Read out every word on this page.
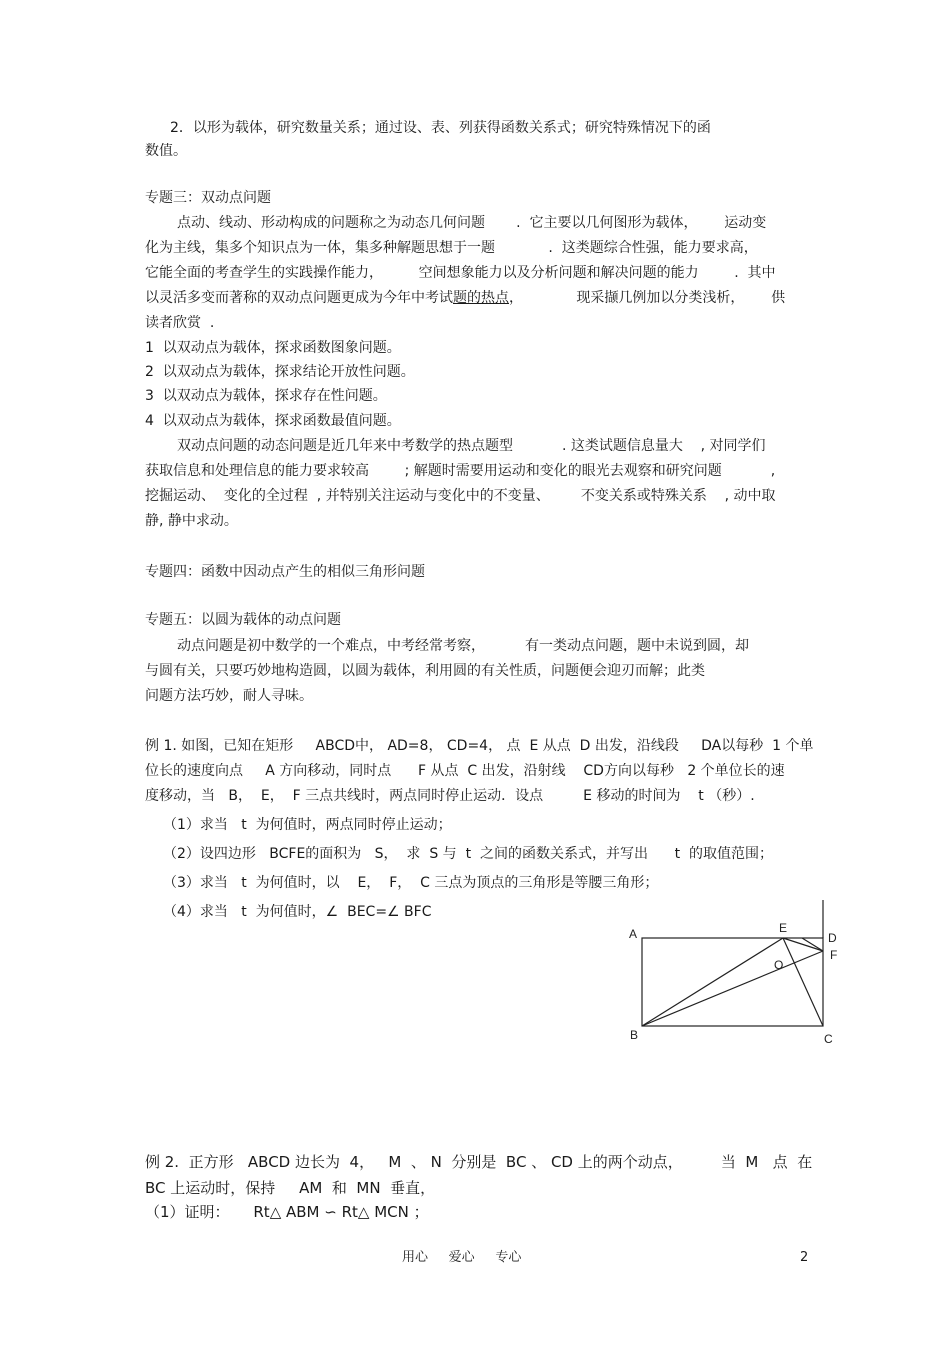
2．以形为载体，研究数量关系；通过设、表、列获得函数关系式；研究特殊情况下的函
数值。
专题三：双动点问题
点动、线动、形动构成的问题称之为动态几何问题       .  它主要以几何图形为载体，      运动变
化为主线，集多个知识点为一体，集多种解题思想于一题            .  这类题综合性强，能力要求高，
它能全面的考查学生的实践操作能力，        空间想象能力以及分析问题和解决问题的能力        .  其中
以灵活多变而著称的双动点问题更成为今年中考试题的热点，            现采撷几例加以分类浅析，      供
读者欣赏  .
1  以双动点为载体，探求函数图象问题。
2  以双动点为载体，探求结论开放性问题。
3  以双动点为载体，探求存在性问题。
4  以双动点为载体，探求函数最值问题。
双动点问题的动态问题是近几年来中考数学的热点题型           . 这类试题信息量大    , 对同学们
获取信息和处理信息的能力要求较高        ; 解题时需要用运动和变化的眼光去观察和研究问题           ,
挖掘运动、  变化的全过程  , 并特别关注运动与变化中的不变量、       不变关系或特殊关系    , 动中取
静, 静中求动。
专题四：函数中因动点产生的相似三角形问题
专题五：以圆为载体的动点问题
动点问题是初中数学的一个难点，中考经常考察，         有一类动点问题，题中未说到圆，却
与圆有关，只要巧妙地构造圆，以圆为载体，利用圆的有关性质，问题便会迎刃而解；此类
问题方法巧妙，耐人寻味。
例 1. 如图，已知在矩形     ABCD中， AD=8， CD=4， 点  E 从点  D 出发，沿线段     DA以每秒  1 个单
位长的速度向点     A 方向移动，同时点      F 从点  C 出发，沿射线    CD方向以每秒   2 个单位长的速
度移动，当   B，  E，  F 三点共线时，两点同时停止运动．设点         E 移动的时间为    t （秒）.
（1）求当   t  为何值时，两点同时停止运动；
（2）设四边形   BCFE的面积为   S，  求  S 与  t  之间的函数关系式，并写出      t  的取值范围；
（3）求当   t  为何值时，以    E，  F，  C 三点为顶点的三角形是等腰三角形；
（4）求当   t  为何值时，∠  BEC=∠ BFC
A	E
D
O
F
B	C
例 2.  正方形   ABCD 边长为  4，   M  、 N  分别是  BC 、 CD 上的两个动点，        当  M   点  在
BC 上运动时，保持     AM  和  MN  垂直，
（1）证明：     Rt△ ABM ∽ Rt△ MCN ；
用心     爱心     专心	2
